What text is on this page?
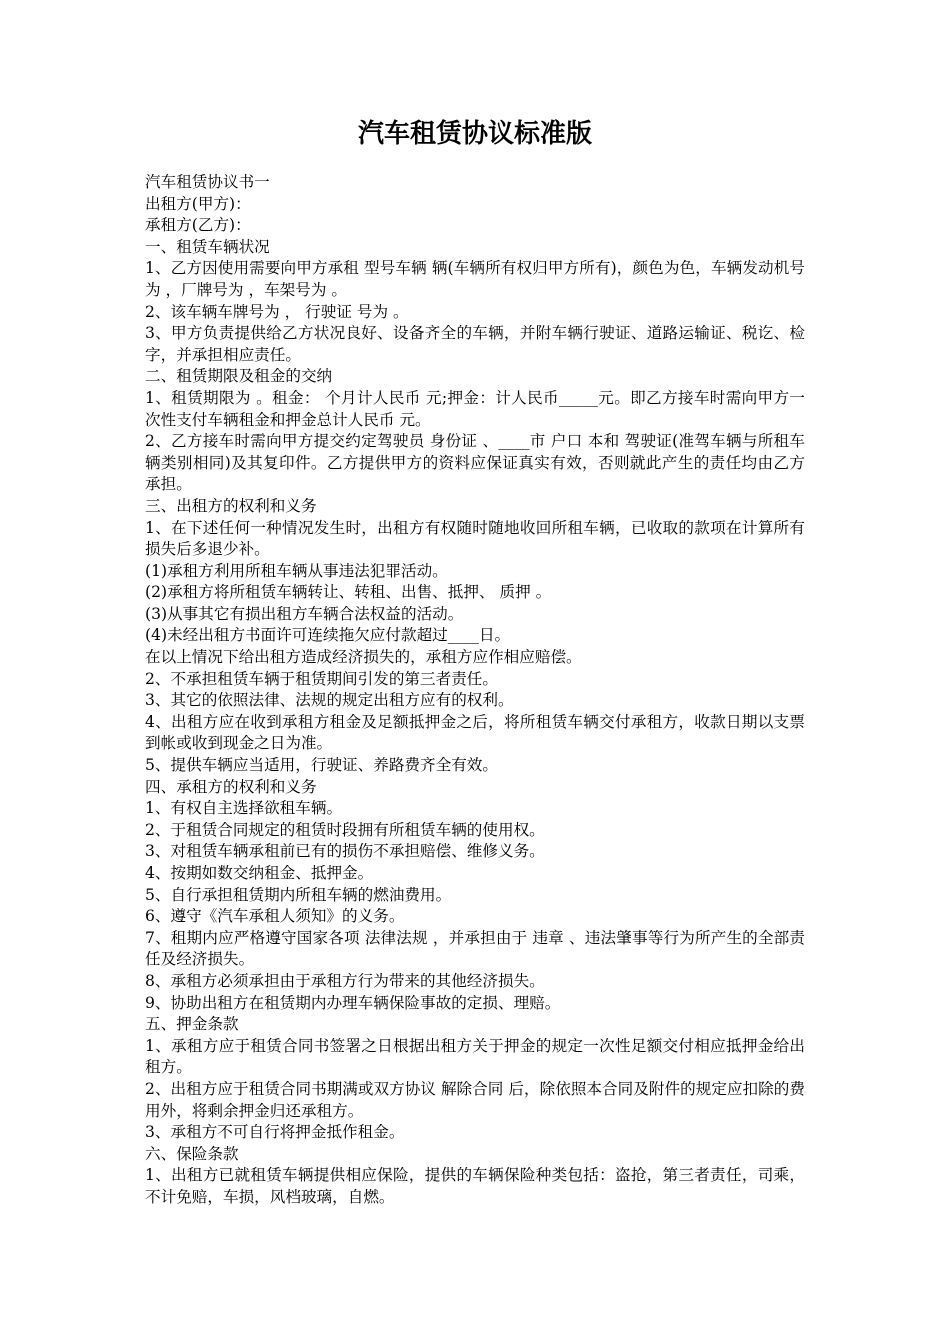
汽车租赁协议标准版

汽车租赁协议书一

出租方(甲方)：

承租方(乙方)：

一、租赁车辆状况

1、乙方因使用需要向甲方承租 型号车辆 辆(车辆所有权归甲方所有)，颜色为色，车辆发动机号为 ，厂牌号为 ，车架号为 。

2、该车辆车牌号为 ， 行驶证 号为 。

3、甲方负责提供给乙方状况良好、设备齐全的车辆，并附车辆行驶证、道路运输证、税讫、检字，并承担相应责任。

二、租赁期限及租金的交纳

1、租赁期限为 。租金： 个月计人民币 元;押金：计人民币_____元。即乙方接车时需向甲方一次性支付车辆租金和押金总计人民币 元。

2、乙方接车时需向甲方提交约定驾驶员 身份证 、____市 户口 本和 驾驶证(准驾车辆与所租车辆类别相同)及其复印件。乙方提供甲方的资料应保证真实有效，否则就此产生的责任均由乙方承担。

三、出租方的权利和义务

1、在下述任何一种情况发生时，出租方有权随时随地收回所租车辆，已收取的款项在计算所有损失后多退少补。

(1)承租方利用所租车辆从事违法犯罪活动。

(2)承租方将所租赁车辆转让、转租、出售、抵押、 质押 。

(3)从事其它有损出租方车辆合法权益的活动。

(4)未经出租方书面许可连续拖欠应付款超过____日。

在以上情况下给出租方造成经济损失的，承租方应作相应赔偿。

2、不承担租赁车辆于租赁期间引发的第三者责任。

3、其它的依照法律、法规的规定出租方应有的权利。

4、出租方应在收到承租方租金及足额抵押金之后，将所租赁车辆交付承租方，收款日期以支票到帐或收到现金之日为准。

5、提供车辆应当适用，行驶证、养路费齐全有效。

四、承租方的权利和义务

1、有权自主选择欲租车辆。

2、于租赁合同规定的租赁时段拥有所租赁车辆的使用权。

3、对租赁车辆承租前已有的损伤不承担赔偿、维修义务。

4、按期如数交纳租金、抵押金。

5、自行承担租赁期内所租车辆的燃油费用。

6、遵守《汽车承租人须知》的义务。

7、租期内应严格遵守国家各项 法律法规 ，并承担由于 违章 、违法肇事等行为所产生的全部责任及经济损失。

8、承租方必须承担由于承租方行为带来的其他经济损失。

9、协助出租方在租赁期内办理车辆保险事故的定损、理赔。

五、押金条款

1、承租方应于租赁合同书签署之日根据出租方关于押金的规定一次性足额交付相应抵押金给出租方。

2、出租方应于租赁合同书期满或双方协议 解除合同 后，除依照本合同及附件的规定应扣除的费用外，将剩余押金归还承租方。

3、承租方不可自行将押金抵作租金。

六、保险条款

1、出租方已就租赁车辆提供相应保险，提供的车辆保险种类包括：盗抢，第三者责任，司乘，不计免赔，车损，风档玻璃，自燃。
